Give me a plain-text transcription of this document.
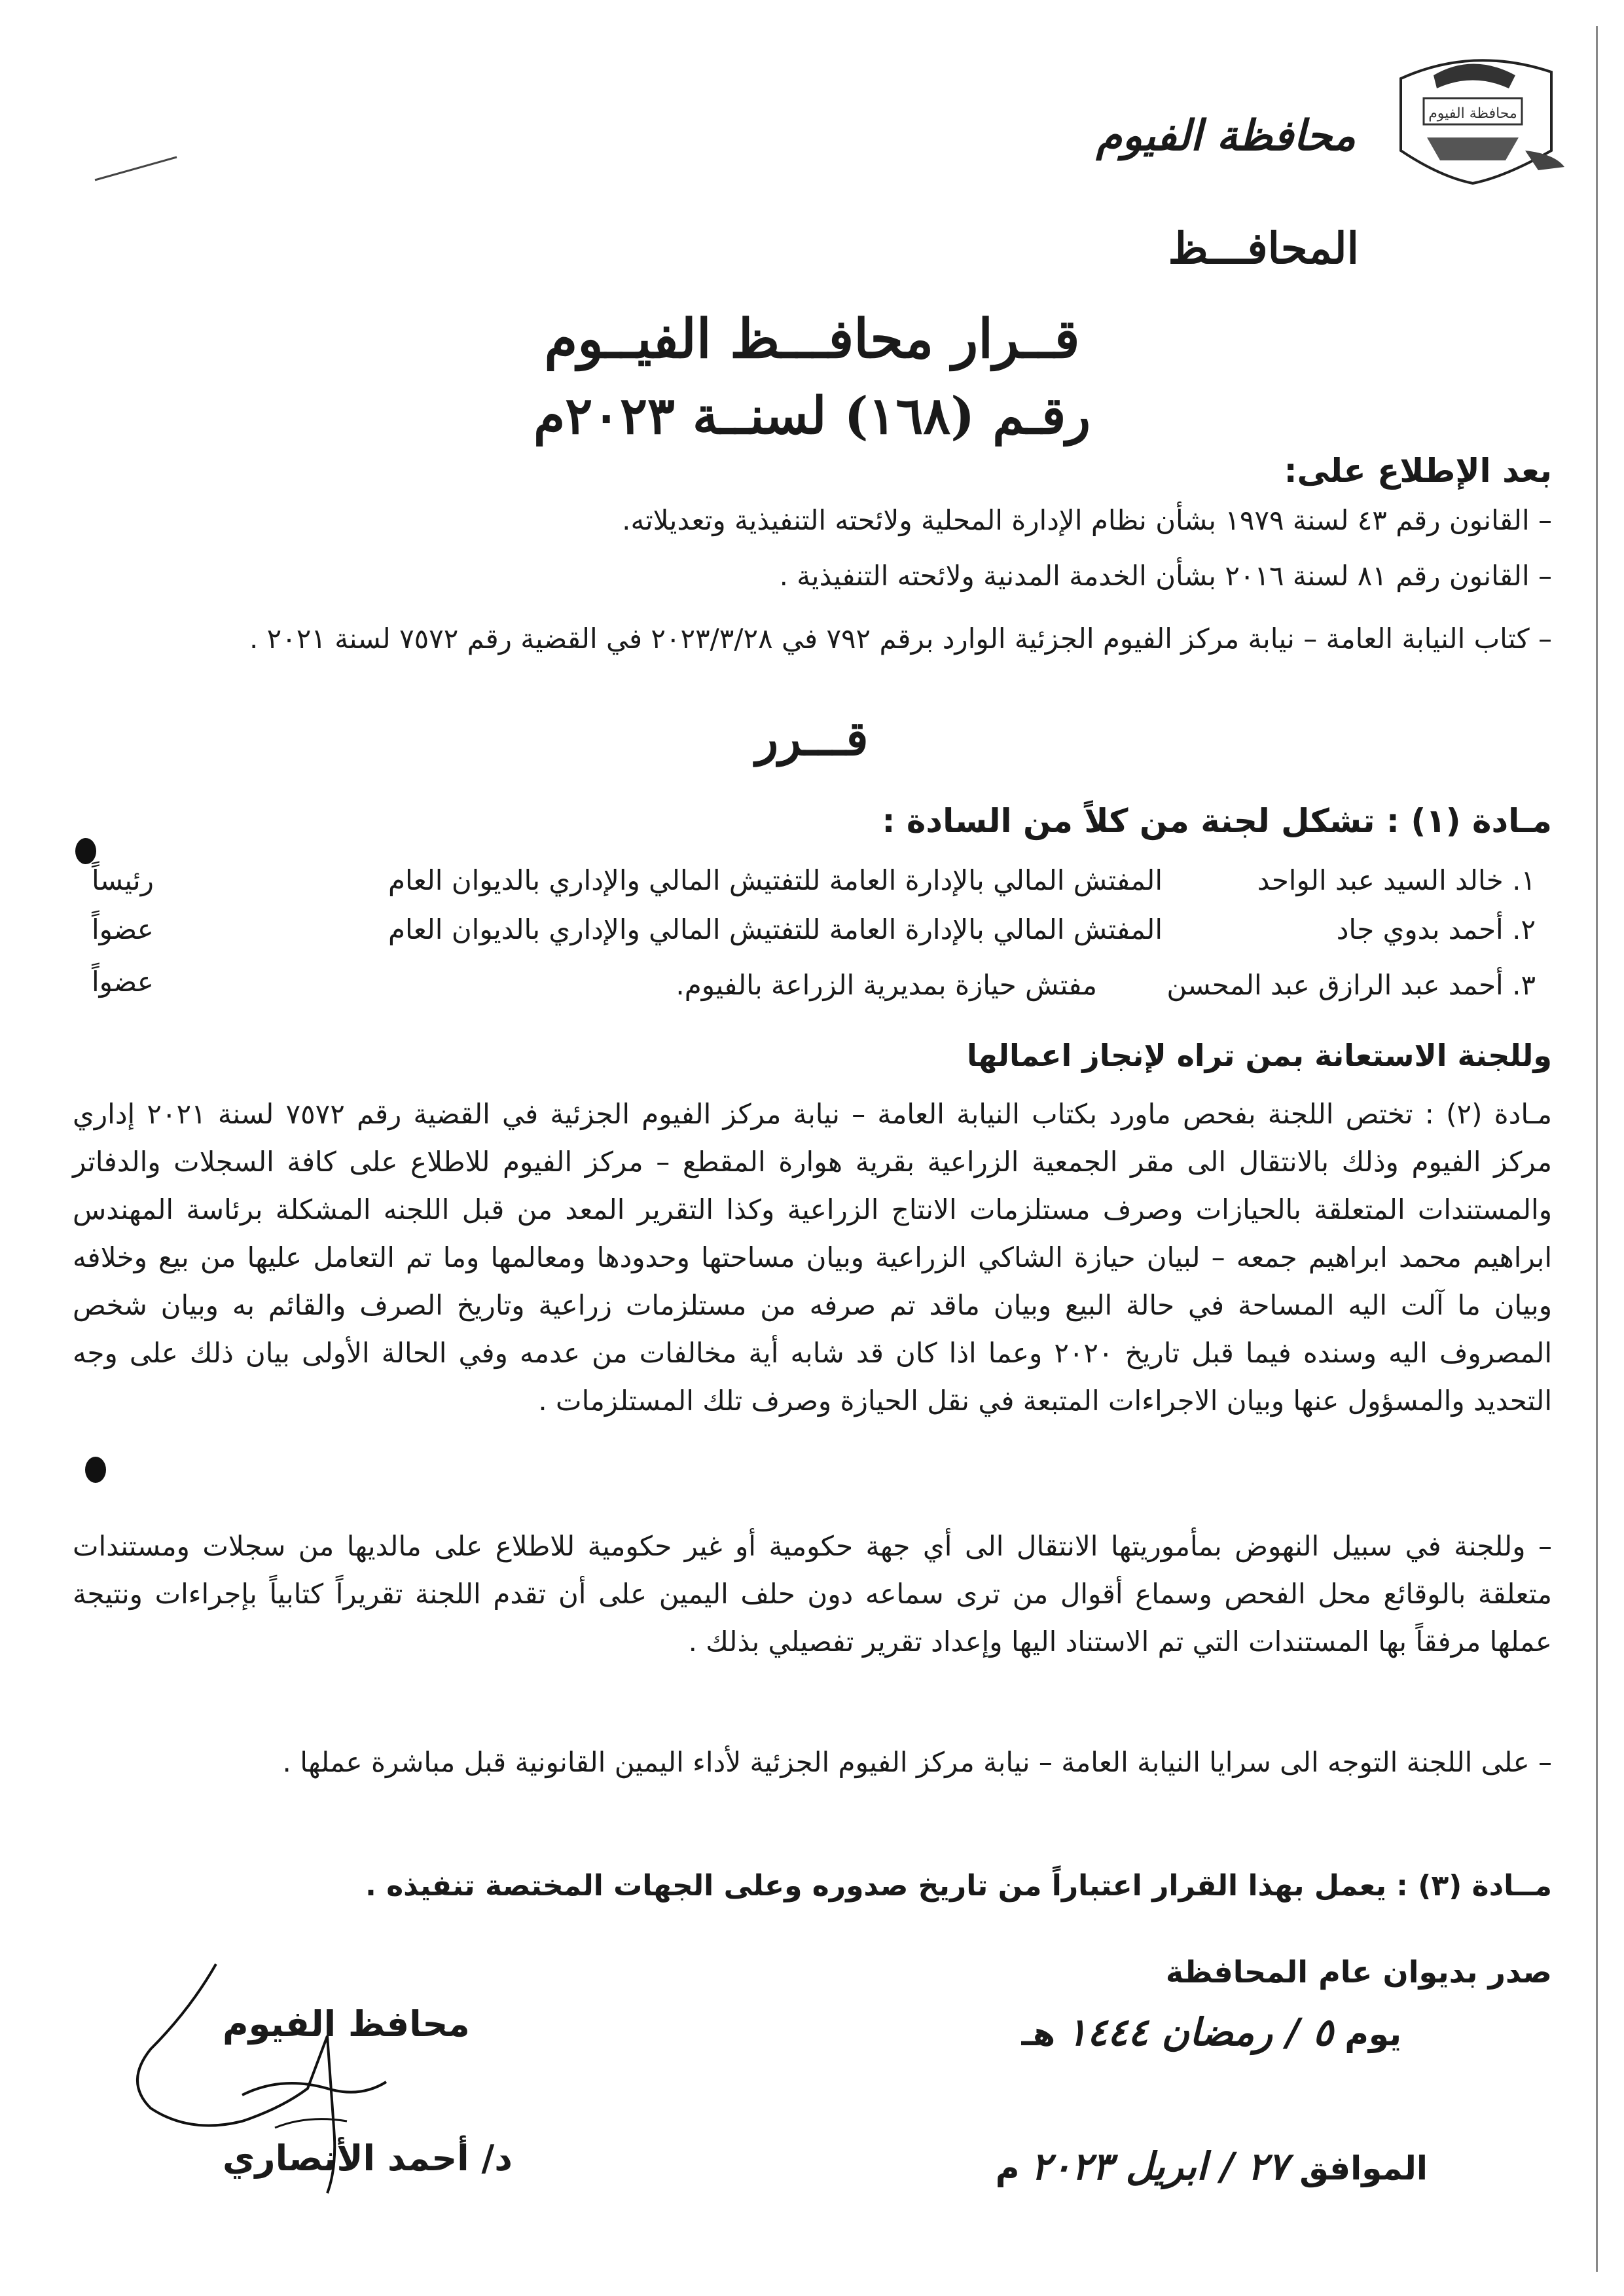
محافظة الفيوم
محافظة الفيوم
المحافـــظ
قــرار محافـــظ الفيــوم
رقـم (١٦٨) لسنــة ٢٠٢٣م
بعد الإطلاع على:
– القانون رقم ٤٣ لسنة ١٩٧٩ بشأن نظام الإدارة المحلية ولائحته التنفيذية وتعديلاته.
– القانون رقم ٨١ لسنة ٢٠١٦ بشأن الخدمة المدنية ولائحته التنفيذية .
– كتاب النيابة العامة – نيابة مركز الفيوم الجزئية الوارد برقم ٧٩٢ في ٢٠٢٣/٣/٢٨ في القضية رقم ٧٥٧٢ لسنة ٢٠٢١ .
قـــرر
مـادة (١) : تشكل لجنة من كلاً من السادة :
١. خالد السيد عبد الواحد
المفتش المالي بالإدارة العامة للتفتيش المالي والإداري بالديوان العام
رئيساً
٢. أحمد بدوي جاد
المفتش المالي بالإدارة العامة للتفتيش المالي والإداري بالديوان العام
عضواً
٣. أحمد عبد الرازق عبد المحسن
مفتش حيازة بمديرية الزراعة بالفيوم.
عضواً
وللجنة الاستعانة بمن تراه لإنجاز اعمالها
مـادة (٢) : تختص اللجنة بفحص ماورد بكتاب النيابة العامة – نيابة مركز الفيوم الجزئية في القضية رقم ٧٥٧٢ لسنة ٢٠٢١ إداري مركز الفيوم وذلك بالانتقال الى مقر الجمعية الزراعية بقرية هوارة المقطع – مركز الفيوم للاطلاع على كافة السجلات والدفاتر والمستندات المتعلقة بالحيازات وصرف مستلزمات الانتاج الزراعية وكذا التقرير المعد من قبل اللجنه المشكلة برئاسة المهندس ابراهيم محمد ابراهيم جمعه – لبيان حيازة الشاكي الزراعية وبيان مساحتها وحدودها ومعالمها وما تم التعامل عليها من بيع وخلافه وبيان ما آلت اليه المساحة في حالة البيع وبيان ماقد تم صرفه من مستلزمات زراعية وتاريخ الصرف والقائم به وبيان شخص المصروف اليه وسنده فيما قبل تاريخ ٢٠٢٠ وعما اذا كان قد شابه أية مخالفات من عدمه وفي الحالة الأولى بيان ذلك على وجه التحديد والمسؤول عنها وبيان الاجراءات المتبعة في نقل الحيازة وصرف تلك المستلزمات .
– وللجنة في سبيل النهوض بمأموريتها الانتقال الى أي جهة حكومية أو غير حكومية للاطلاع على مالديها من سجلات ومستندات متعلقة بالوقائع محل الفحص وسماع أقوال من ترى سماعه دون حلف اليمين على أن تقدم اللجنة تقريراً كتابياً بإجراءات ونتيجة عملها مرفقاً بها المستندات التي تم الاستناد اليها وإعداد تقرير تفصيلي بذلك .
– على اللجنة التوجه الى سرايا النيابة العامة – نيابة مركز الفيوم الجزئية لأداء اليمين القانونية قبل مباشرة عملها .
مــادة (٣) : يعمل بهذا القرار اعتباراً من تاريخ صدوره وعلى الجهات المختصة تنفيذه .
صدر بديوان عام المحافظة
يوم ٥ / رمضان ١٤٤٤ هـ
الموافق ٢٧ / ابريل ٢٠٢٣ م
محافظ الفيوم
د/ أحمد الأنصاري
